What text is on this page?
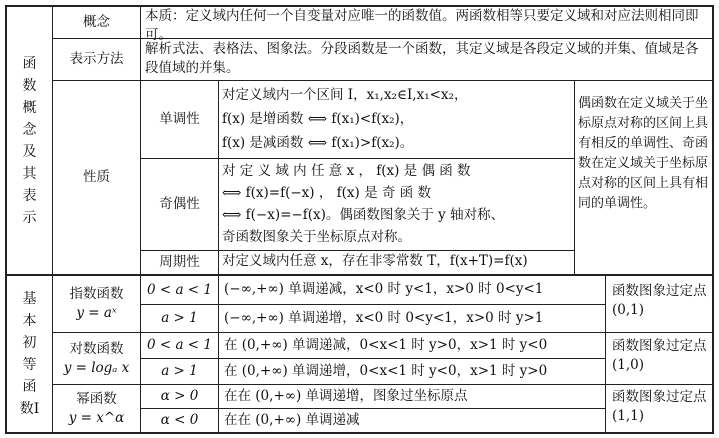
函数概念及其表示
概念	本质：定义域内任何一个自变量对应唯一的函数值。两函数相等只要定义域和对应法则相同即可。
表示方法
解析式法、表格法、图象法。分段函数是一个函数，其定义域是各段定义域的并集、值域是各段值域的并集。
性质
单调性
对定义域内一个区间 I，x₁,x₂∈I,x₁<x₂，
f(x) 是增函数 ⟺ f(x₁)<f(x₂)，
f(x) 是减函数 ⟺ f(x₁)>f(x₂)。
奇偶性
对 定 义 域 内 任 意 x ， f(x) 是 偶 函 数
⟺ f(x)=f(−x) ， f(x) 是 奇 函 数
⟺ f(−x)=−f(x)。偶函数图象关于 y 轴对称、
奇函数图象关于坐标原点对称。
周期性 对定义域内任意 x，存在非零常数 T，f(x+T)=f(x)
偶函数在定义域关于坐标原点对称的区间上具有相反的单调性、奇函数在定义域关于坐标原点对称的区间上具有相同的单调性。
基本初等函数Ⅰ
指数函数
y = aˣ
0 < a < 1 (−∞,+∞) 单调递减，x<0 时 y<1，x>0 时 0<y<1
a > 1 (−∞,+∞) 单调递增，x<0 时 0<y<1，x>0 时 y>1
函数图象过定点 (0,1)
对数函数
y = logₐ x
0 < a < 1 在 (0,+∞) 单调递减，0<x<1 时 y>0，x>1 时 y<0
a > 1 在 (0,+∞) 单调递增，0<x<1 时 y<0，x>1 时 y>0
函数图象过定点 (1,0)
幂函数
y = x^α
α > 0 在在 (0,+∞) 单调递增，图象过坐标原点
α < 0 在在 (0,+∞) 单调递减
函数图象过定点 (1,1)
